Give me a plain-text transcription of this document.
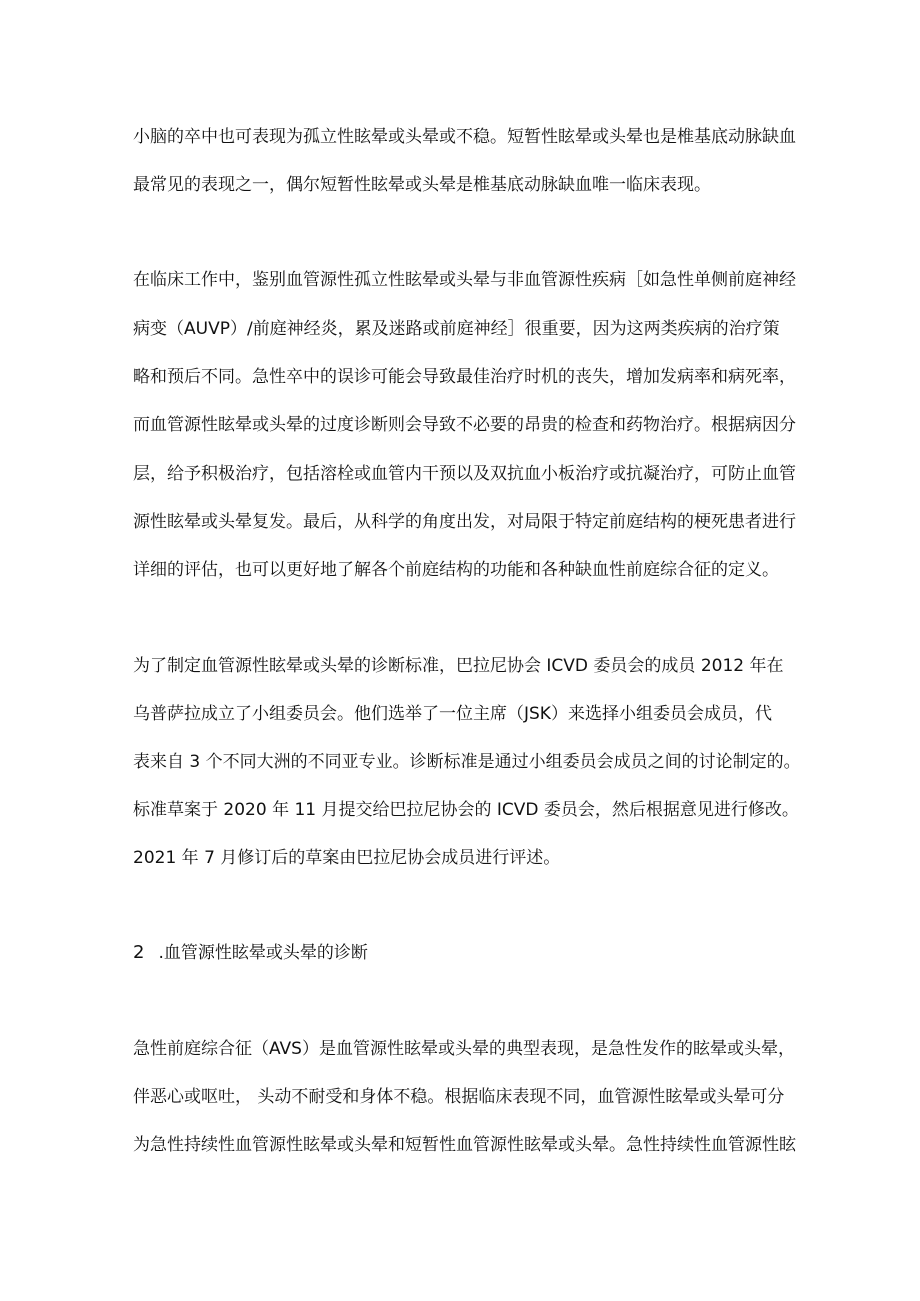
小脑的卒中也可表现为孤立性眩晕或头晕或不稳。短暂性眩晕或头晕也是椎基底动脉缺血
最常见的表现之一，偶尔短暂性眩晕或头晕是椎基底动脉缺血唯一临床表现。
在临床工作中，鉴别血管源性孤立性眩晕或头晕与非血管源性疾病［如急性单侧前庭神经
病变（AUVP）/前庭神经炎，累及迷路或前庭神经］很重要，因为这两类疾病的治疗策
略和预后不同。急性卒中的误诊可能会导致最佳治疗时机的丧失，增加发病率和病死率，
而血管源性眩晕或头晕的过度诊断则会导致不必要的昂贵的检查和药物治疗。根据病因分
层，给予积极治疗，包括溶栓或血管内干预以及双抗血小板治疗或抗凝治疗，可防止血管
源性眩晕或头晕复发。最后，从科学的角度出发，对局限于特定前庭结构的梗死患者进行
详细的评估，也可以更好地了解各个前庭结构的功能和各种缺血性前庭综合征的定义。
为了制定血管源性眩晕或头晕的诊断标准，巴拉尼协会 ICVD 委员会的成员 2012 年在
乌普萨拉成立了小组委员会。他们选举了一位主席（JSK）来选择小组委员会成员，代
表来自 3 个不同大洲的不同亚专业。诊断标准是通过小组委员会成员之间的讨论制定的。
标准草案于 2020 年 11 月提交给巴拉尼协会的 ICVD 委员会，然后根据意见进行修改。
2021 年 7 月修订后的草案由巴拉尼协会成员进行评述。
2 .血管源性眩晕或头晕的诊断
急性前庭综合征（AVS）是血管源性眩晕或头晕的典型表现，是急性发作的眩晕或头晕，
伴恶心或呕吐， 头动不耐受和身体不稳。根据临床表现不同，血管源性眩晕或头晕可分
为急性持续性血管源性眩晕或头晕和短暂性血管源性眩晕或头晕。急性持续性血管源性眩
